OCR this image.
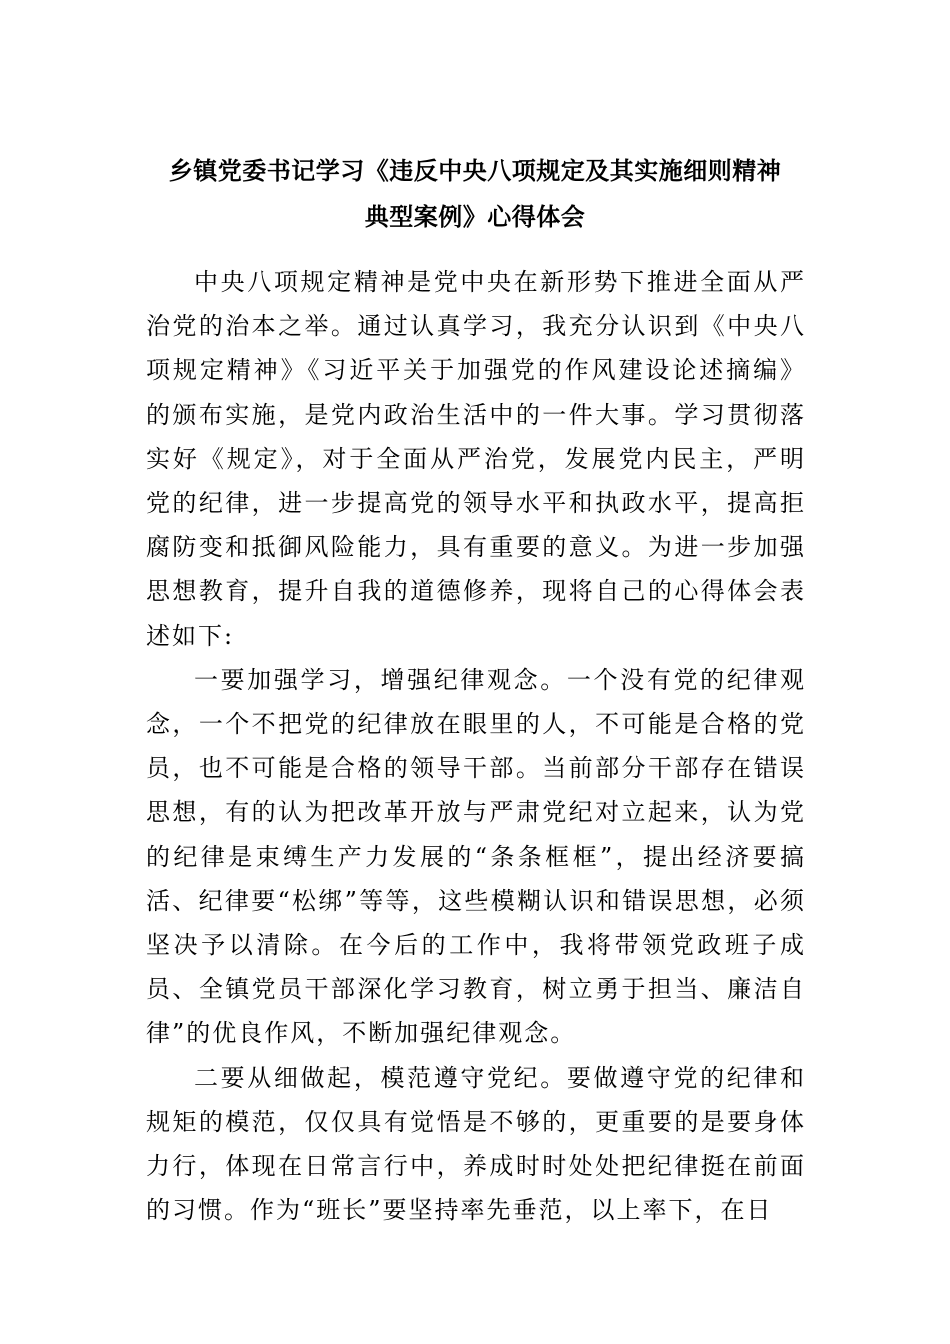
乡镇党委书记学习《违反中央八项规定及其实施细则精神
典型案例》心得体会

中央八项规定精神是党中央在新形势下推进全面从严治党的治本之举。通过认真学习，我充分认识到《中央八项规定精神》《习近平关于加强党的作风建设论述摘编》的颁布实施，是党内政治生活中的一件大事。学习贯彻落实好《规定》，对于全面从严治党，发展党内民主，严明党的纪律，进一步提高党的领导水平和执政水平，提高拒腐防变和抵御风险能力，具有重要的意义。为进一步加强思想教育，提升自我的道德修养，现将自己的心得体会表述如下:

一要加强学习，增强纪律观念。一个没有党的纪律观念，一个不把党的纪律放在眼里的人，不可能是合格的党员，也不可能是合格的领导干部。当前部分干部存在错误思想，有的认为把改革开放与严肃党纪对立起来，认为党的纪律是束缚生产力发展的“条条框框”，提出经济要搞活、纪律要“松绑”等等，这些模糊认识和错误思想，必须坚决予以清除。在今后的工作中，我将带领党政班子成员、全镇党员干部深化学习教育，树立勇于担当、廉洁自律”的优良作风，不断加强纪律观念。

二要从细做起，模范遵守党纪。要做遵守党的纪律和规矩的模范，仅仅具有觉悟是不够的，更重要的是要身体力行，体现在日常言行中，养成时时处处把纪律挺在前面的习惯。作为“班长”要坚持率先垂范，以上率下，在日
